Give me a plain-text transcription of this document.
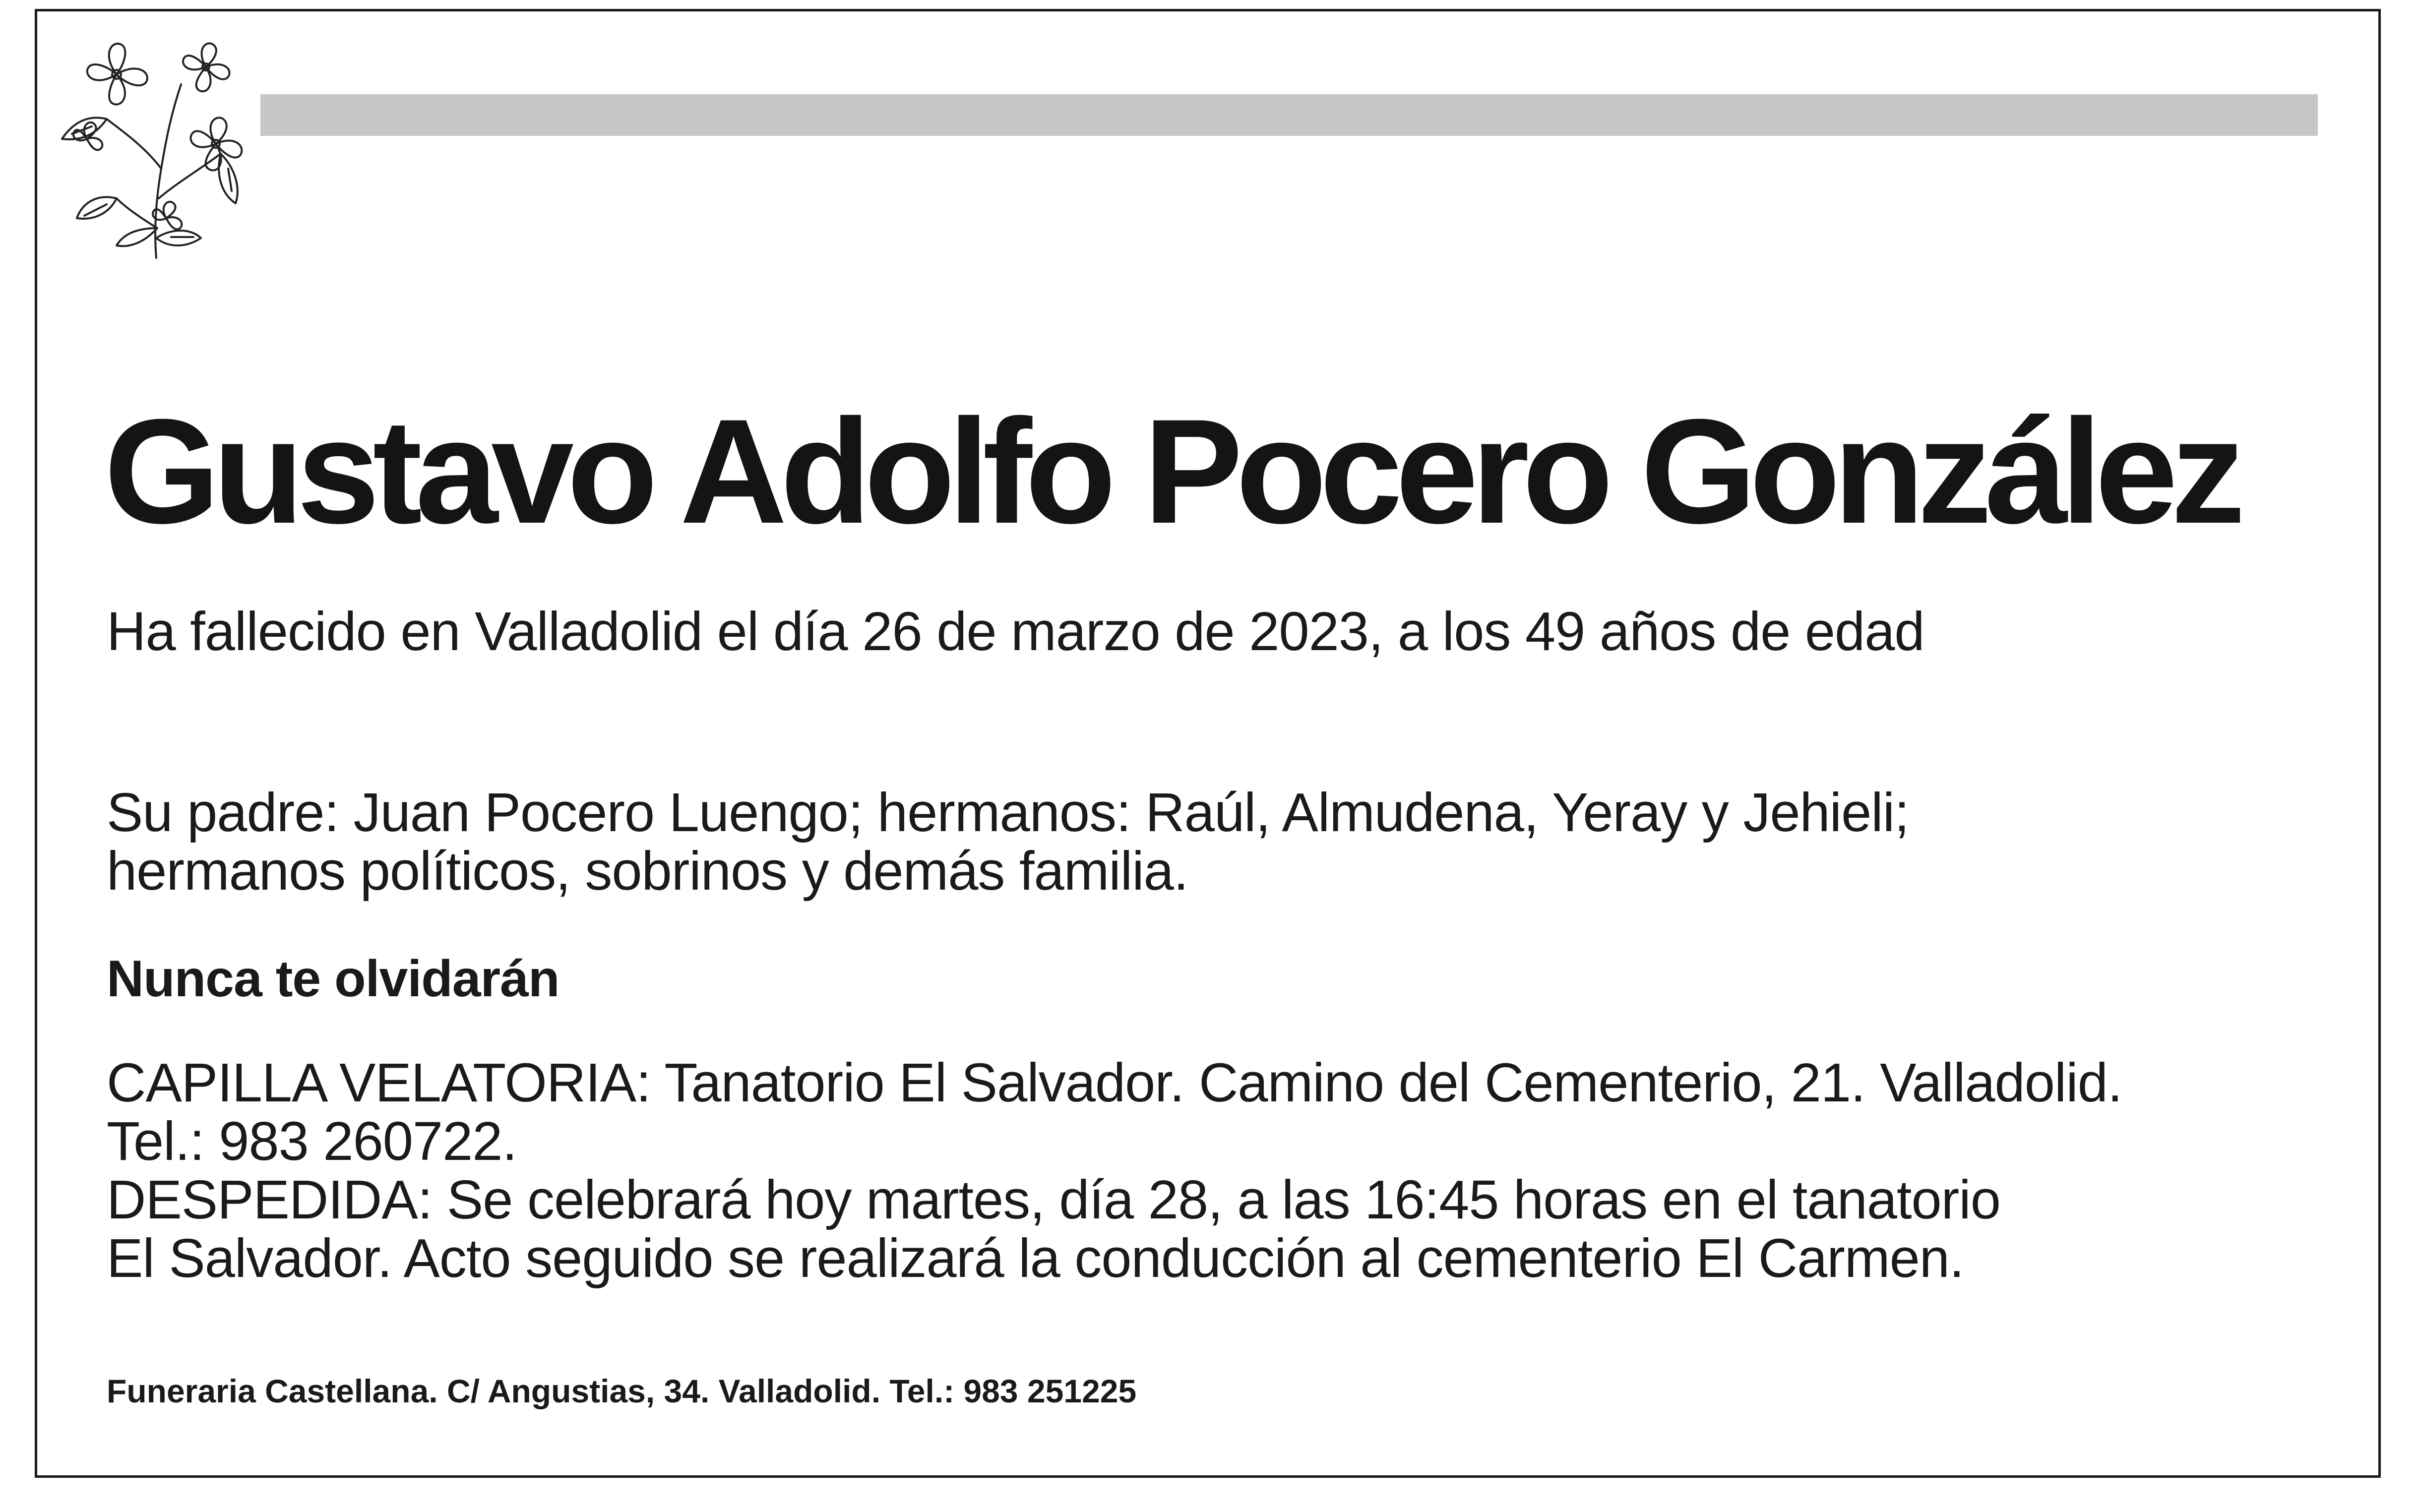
Gustavo Adolfo Pocero González
Ha fallecido en Valladolid el día 26 de marzo de 2023, a los 49 años de edad
Su padre: Juan Pocero Luengo; hermanos: Raúl, Almudena, Yeray y Jehieli;
hermanos políticos, sobrinos y demás familia.
Nunca te olvidarán
CAPILLA VELATORIA: Tanatorio El Salvador. Camino del Cementerio, 21. Valladolid.
Tel.: 983 260722.
DESPEDIDA: Se celebrará hoy martes, día 28, a las 16:45 horas en el tanatorio
El Salvador. Acto seguido se realizará la conducción al cementerio El Carmen.
Funeraria Castellana. C/ Angustias, 34. Valladolid. Tel.: 983 251225
